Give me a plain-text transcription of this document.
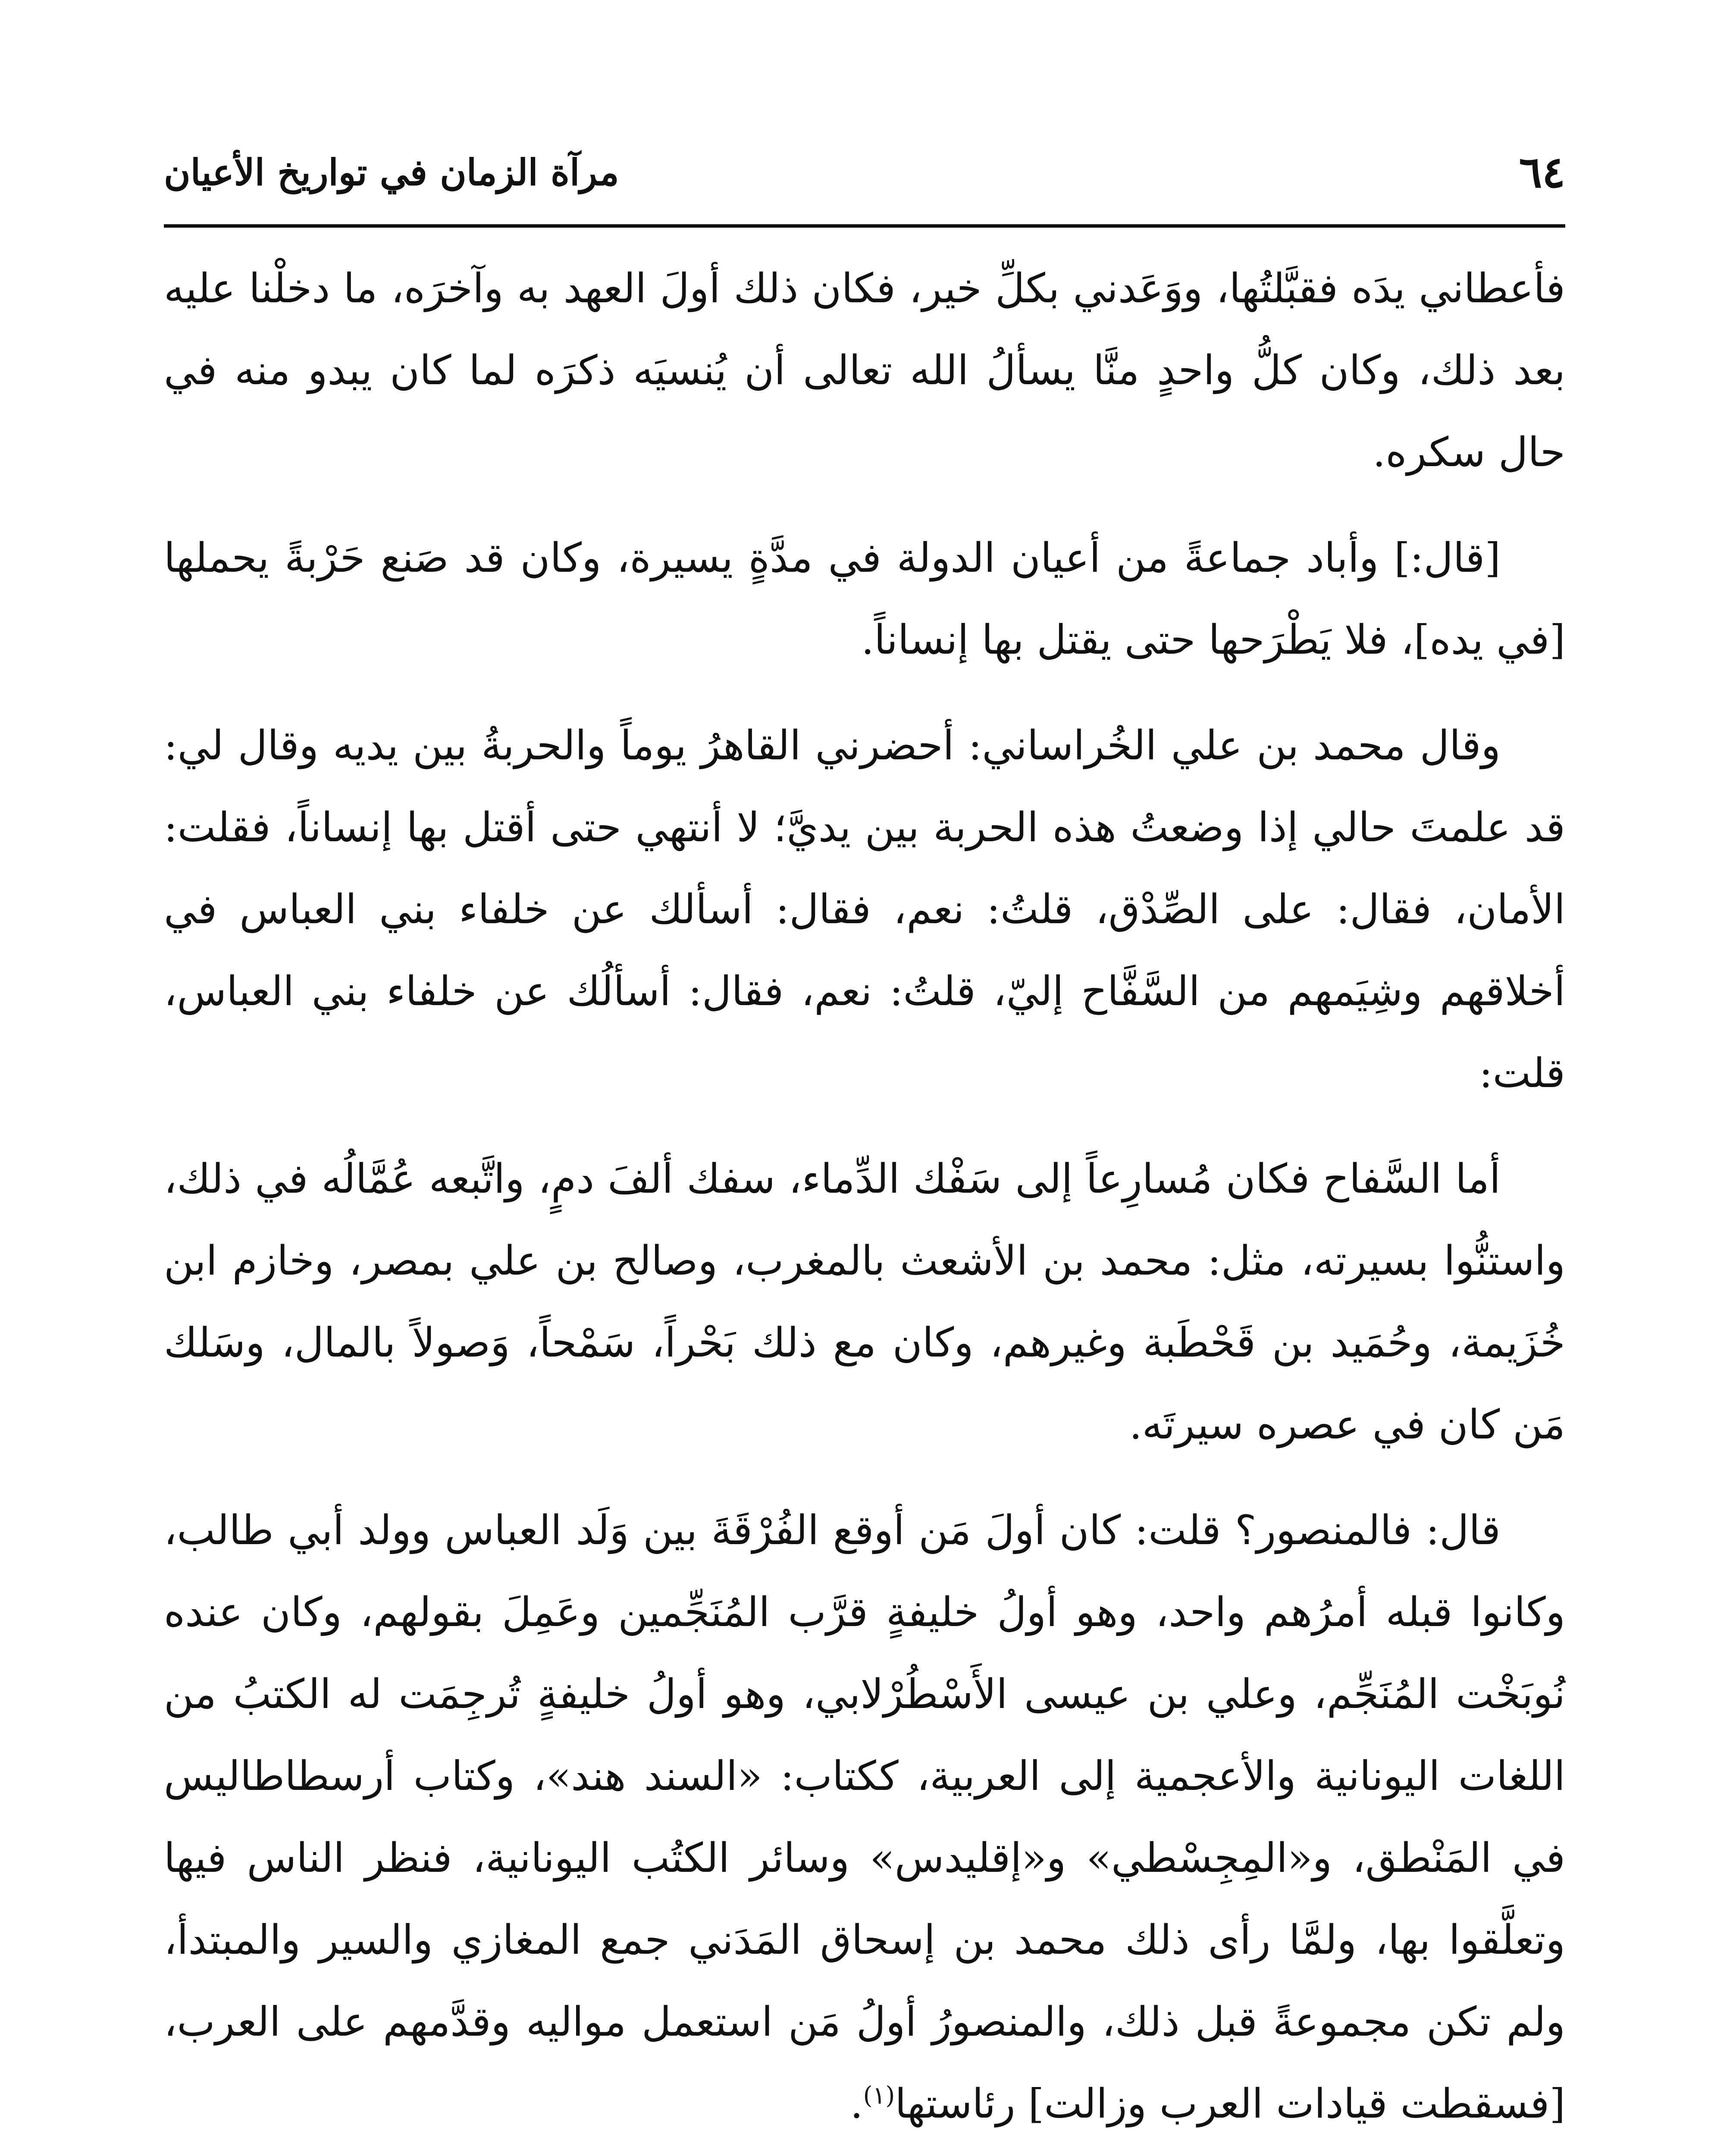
٦٤
مرآة الزمان في تواريخ الأعيان

فأعطاني يدَه فقبَّلتُها، ووَعَدني بكلِّ خير، فكان ذلك أولَ العهد به وآخرَه، ما دخلْنا عليه بعد ذلك، وكان كلُّ واحدٍ منَّا يسألُ الله تعالى أن يُنسيَه ذكرَه لما كان يبدو منه في حال سكره.

[قال:] وأباد جماعةً من أعيان الدولة في مدَّةٍ يسيرة، وكان قد صَنع حَرْبةً يحملها [في يده]، فلا يَطْرَحها حتى يقتل بها إنساناً.

وقال محمد بن علي الخُراساني: أحضرني القاهرُ يوماً والحربةُ بين يديه وقال لي: قد علمتَ حالي إذا وضعتُ هذه الحربة بين يديَّ؛ لا أنتهي حتى أقتل بها إنساناً، فقلت: الأمان، فقال: على الصِّدْق، قلتُ: نعم، فقال: أسألك عن خلفاء بني العباس في أخلاقهم وشِيَمهم من السَّفَّاح إليّ، قلتُ: نعم، فقال: أسألُك عن خلفاء بني العباس، قلت:

أما السَّفاح فكان مُسارِعاً إلى سَفْك الدِّماء، سفك ألفَ دمٍ، واتَّبعه عُمَّالُه في ذلك، واستنُّوا بسيرته، مثل: محمد بن الأشعث بالمغرب، وصالح بن علي بمصر، وخازم ابن خُزَيمة، وحُمَيد بن قَحْطَبة وغيرهم، وكان مع ذلك بَحْراً، سَمْحاً، وَصولاً بالمال، وسَلك مَن كان في عصره سيرتَه.

قال: فالمنصور؟ قلت: كان أولَ مَن أوقع الفُرْقَةَ بين وَلَد العباس وولد أبي طالب، وكانوا قبله أمرُهم واحد، وهو أولُ خليفةٍ قرَّب المُنَجِّمين وعَمِلَ بقولهم، وكان عنده نُوبَخْت المُنَجِّم، وعلي بن عيسى الأَسْطُرْلابي، وهو أولُ خليفةٍ تُرجِمَت له الكتبُ من اللغات اليونانية والأعجمية إلى العربية، ككتاب: «السند هند»، وكتاب أرسطاطاليس في المَنْطق، و«المِجِسْطي» و«إقليدس» وسائر الكتُب اليونانية، فنظر الناس فيها وتعلَّقوا بها، ولمَّا رأى ذلك محمد بن إسحاق المَدَني جمع المغازي والسير والمبتدأ، ولم تكن مجموعةً قبل ذلك، والمنصورُ أولُ مَن استعمل مواليه وقدَّمهم على العرب، [فسقطت قيادات العرب وزالت] رئاستها$^{(١)}$.
